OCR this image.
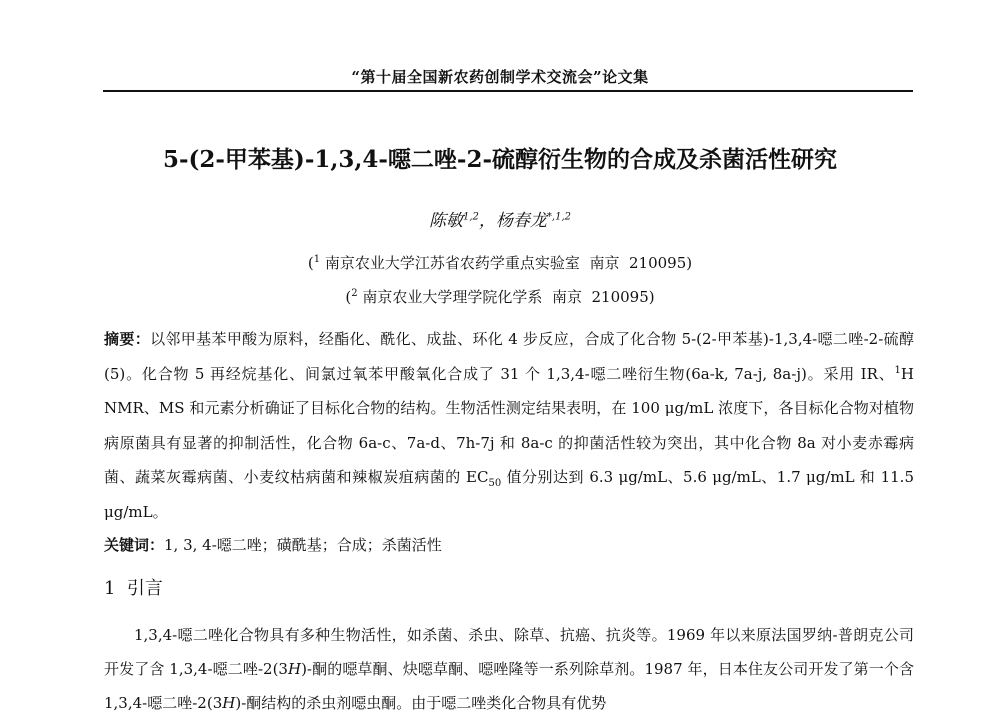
“第十届全国新农药创制学术交流会”论文集
5-(2-甲苯基)-1,3,4-噁二唑-2-硫醇衍生物的合成及杀菌活性研究
陈敏$^{1,2}$，杨春龙$^{*,1,2}$
($^1$ 南京农业大学江苏省农药学重点实验室  南京  210095)
($^2$ 南京农业大学理学院化学系  南京  210095)

摘要：以邻甲基苯甲酸为原料，经酯化、酰化、成盐、环化 4 步反应，合成了化合物 5-(2-甲苯基)-1,3,4-噁二唑-2-硫醇(5)。化合物 5 再经烷基化、间氯过氧苯甲酸氧化合成了 31 个 1,3,4-噁二唑衍生物(6a-k, 7a-j, 8a-j)。采用 IR、$^1$H NMR、MS 和元素分析确证了目标化合物的结构。生物活性测定结果表明，在 100 μg/mL 浓度下，各目标化合物对植物病原菌具有显著的抑制活性，化合物 6a-c、7a-d、7h-7j 和 8a-c 的抑菌活性较为突出，其中化合物 8a 对小麦赤霉病菌、蔬菜灰霉病菌、小麦纹枯病菌和辣椒炭疽病菌的 $EC_{50}$ 值分别达到 6.3 μg/mL、5.6 μg/mL、1.7 μg/mL 和 11.5 μg/mL。

关键词：1, 3, 4-噁二唑；磺酰基；合成；杀菌活性

1  引言

1,3,4-噁二唑化合物具有多种生物活性，如杀菌、杀虫、除草、抗癌、抗炎等。1969 年以来原法国罗纳-普朗克公司开发了含 1,3,4-噁二唑-2(3H)-酮的噁草酮、炔噁草酮、噁唑隆等一系列除草剂。1987 年，日本住友公司开发了第一个含 1,3,4-噁二唑-2(3H)-酮结构的杀虫剂噁虫酮。由于噁二唑类化合物具有优势
